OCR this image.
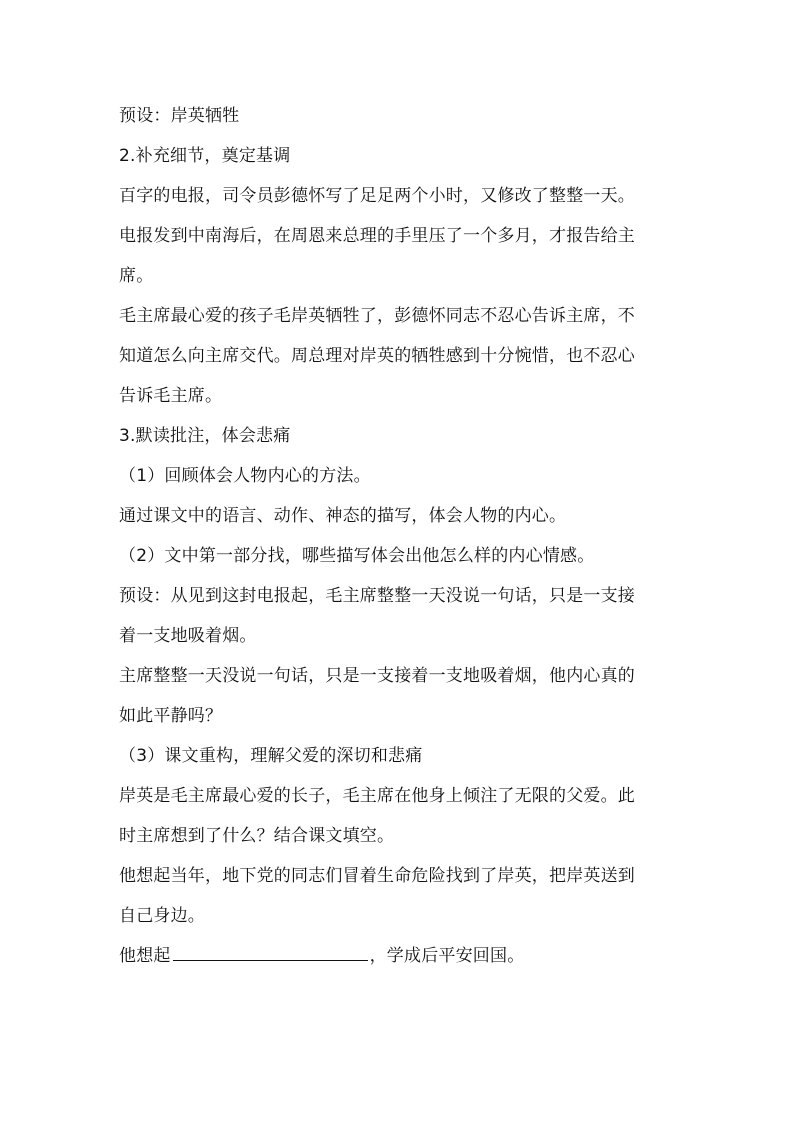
预设：岸英牺牲
2.补充细节，奠定基调
百字的电报，司令员彭德怀写了足足两个小时，又修改了整整一天。
电报发到中南海后，在周恩来总理的手里压了一个多月，才报告给主
席。
毛主席最心爱的孩子毛岸英牺牲了，彭德怀同志不忍心告诉主席，不
知道怎么向主席交代。周总理对岸英的牺牲感到十分惋惜，也不忍心
告诉毛主席。
3.默读批注，体会悲痛
（1）回顾体会人物内心的方法。
通过课文中的语言、动作、神态的描写，体会人物的内心。
（2）文中第一部分找，哪些描写体会出他怎么样的内心情感。
预设：从见到这封电报起，毛主席整整一天没说一句话，只是一支接
着一支地吸着烟。
主席整整一天没说一句话，只是一支接着一支地吸着烟，他内心真的
如此平静吗？
（3）课文重构，理解父爱的深切和悲痛
岸英是毛主席最心爱的长子，毛主席在他身上倾注了无限的父爱。此
时主席想到了什么？结合课文填空。
他想起当年，地下党的同志们冒着生命危险找到了岸英，把岸英送到
自己身边。
他想起	，学成后平安回国。
